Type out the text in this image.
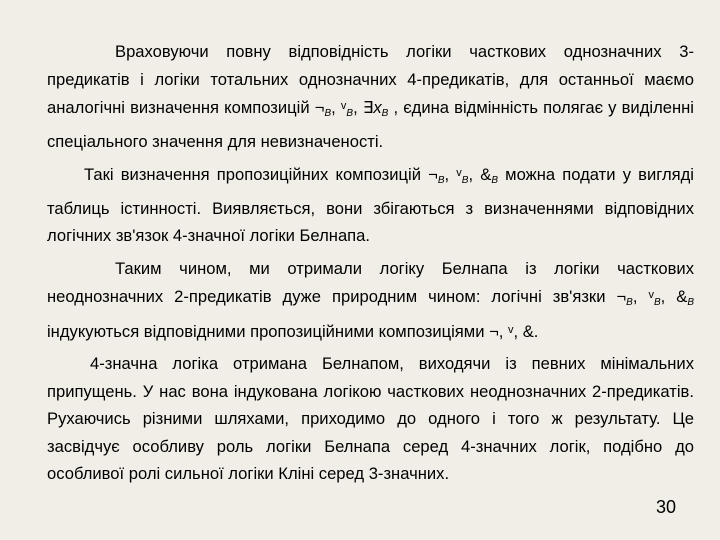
Враховуючи повну відповідність логіки часткових однозначних 3-предикатів і логіки тотальних однозначних 4-предикатів, для останньої маємо аналогічні визначення композицій $\neg_B$, $^v_B$, $\exists x_B$ , єдина відмінність полягає у виділенні спеціального значення для невизначеності.

Такі визначення пропозиційних композицій $\neg_B$, $^v_B$, $\&_B$ можна подати у вигляді таблиць істинності. Виявляється, вони збігаються з визначеннями відповідних логічних зв'язок 4-значної логіки Белнапа.

Таким чином, ми отримали логіку Белнапа із логіки часткових неоднозначних 2-предикатів дуже природним чином: логічні зв'язки $\neg_B$, $^v_B$, $\&_B$ індукуються відповідними пропозиційними композиціями ¬, $^v$, &.

4-значна логіка отримана Белнапом, виходячи із певних мінімальних припущень. У нас вона індукована логікою часткових неоднозначних 2-предикатів. Рухаючись різними шляхами, приходимо до одного і того ж результату. Це засвідчує особливу роль логіки Белнапа серед 4-значних логік, подібно до особливої ролі сильної логіки Кліні серед 3-значних.

30
